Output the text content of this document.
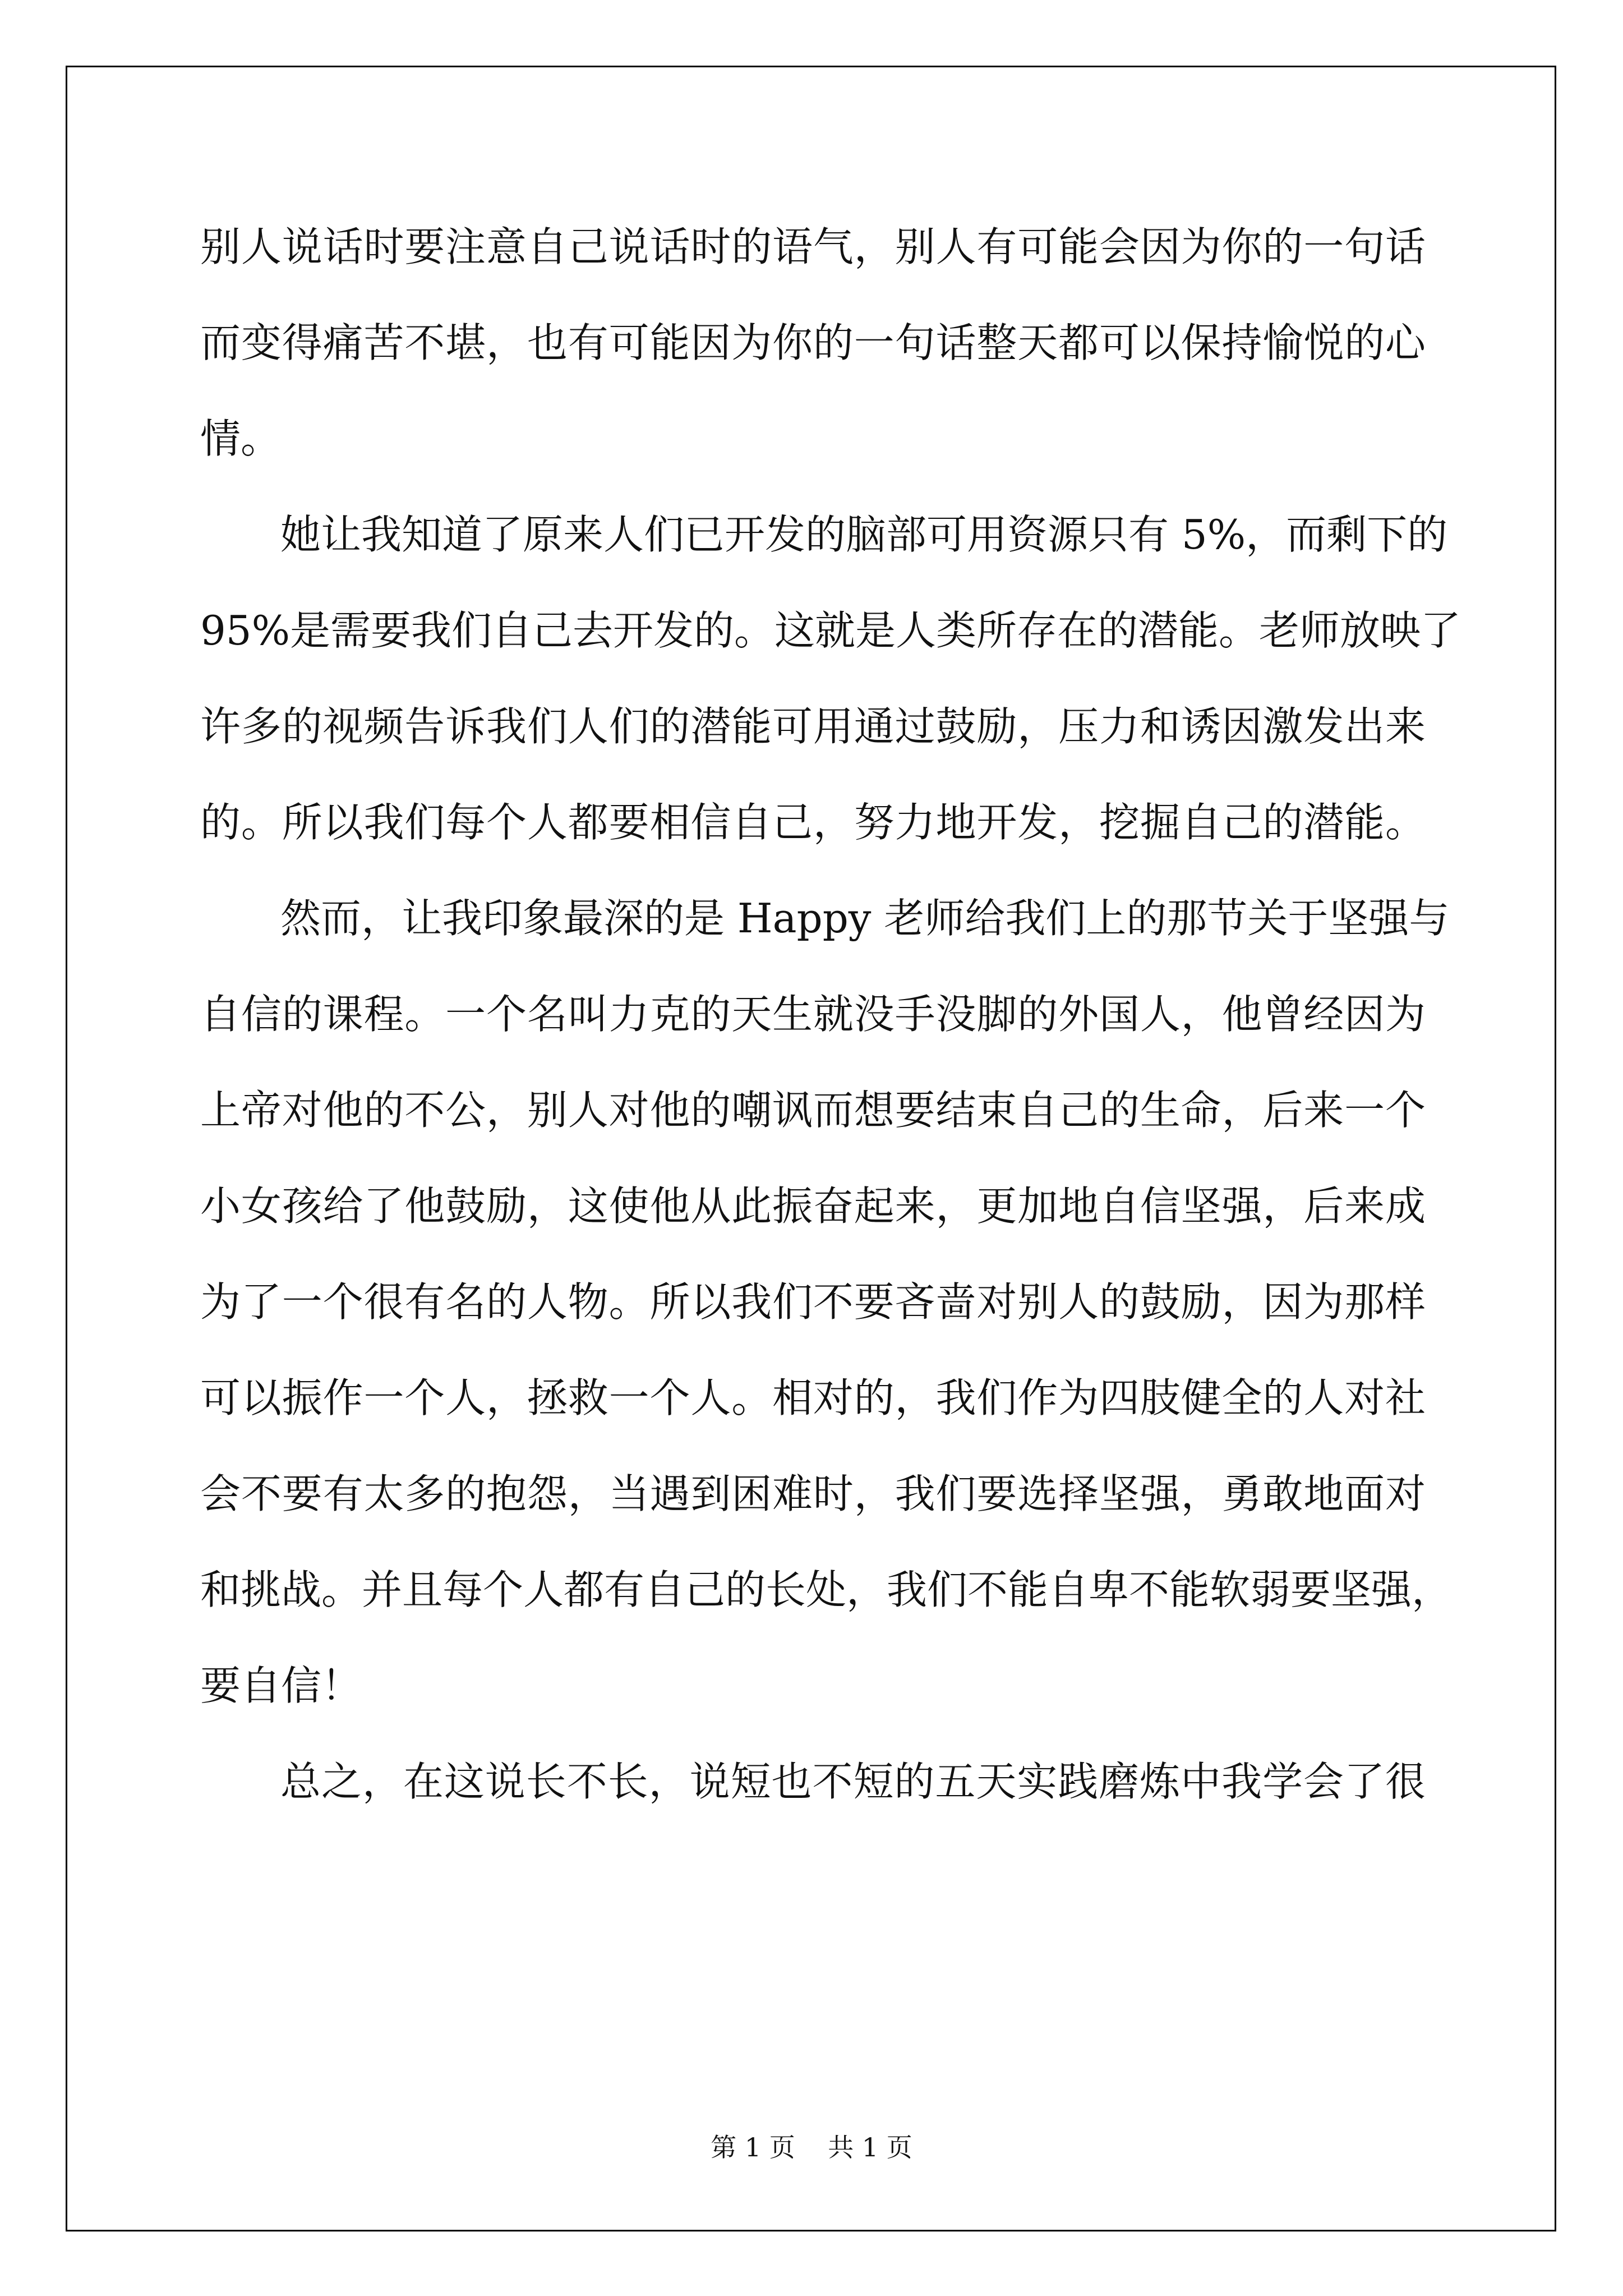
别人说话时要注意自己说话时的语气，别人有可能会因为你的一句话

而变得痛苦不堪，也有可能因为你的一句话整天都可以保持愉悦的心

情。

她让我知道了原来人们已开发的脑部可用资源只有 5%，而剩下的

95%是需要我们自己去开发的。这就是人类所存在的潜能。老师放映了

许多的视频告诉我们人们的潜能可用通过鼓励，压力和诱因激发出来

的。所以我们每个人都要相信自己，努力地开发，挖掘自己的潜能。

然而，让我印象最深的是 Happy 老师给我们上的那节关于坚强与

自信的课程。一个名叫力克的天生就没手没脚的外国人，他曾经因为

上帝对他的不公，别人对他的嘲讽而想要结束自己的生命，后来一个

小女孩给了他鼓励，这使他从此振奋起来，更加地自信坚强，后来成

为了一个很有名的人物。所以我们不要吝啬对别人的鼓励，因为那样

可以振作一个人，拯救一个人。相对的，我们作为四肢健全的人对社

会不要有太多的抱怨，当遇到困难时，我们要选择坚强，勇敢地面对

和挑战。并且每个人都有自己的长处，我们不能自卑不能软弱要坚强，

要自信！

总之，在这说长不长，说短也不短的五天实践磨炼中我学会了很

第 1 页    共 1 页
